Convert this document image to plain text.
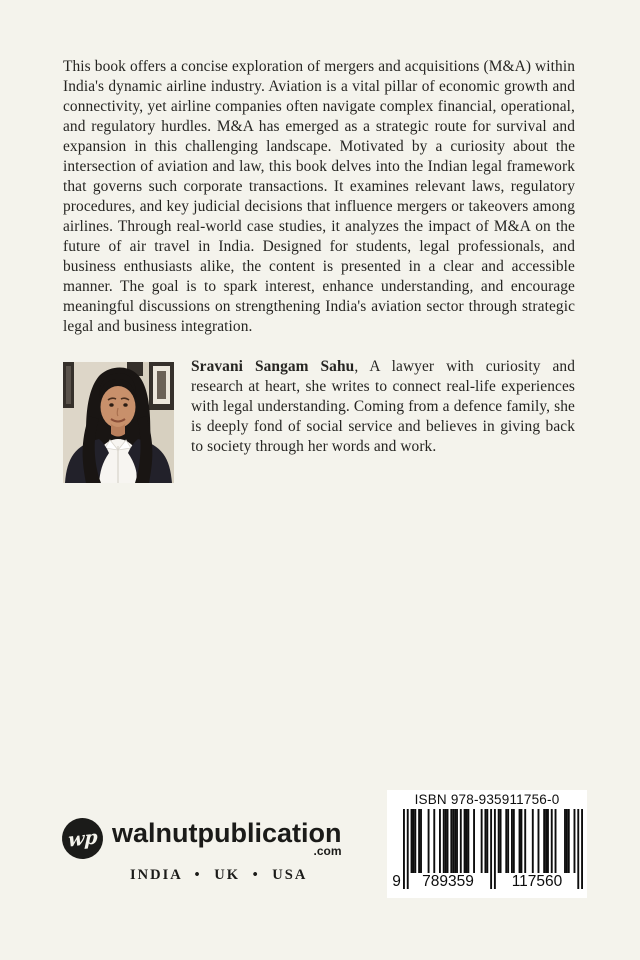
This book offers a concise exploration of mergers and acquisitions (M&A) within India's dynamic airline industry. Aviation is a vital pillar of economic growth and connectivity, yet airline companies often navigate complex financial, operational, and regulatory hurdles. M&A has emerged as a strategic route for survival and expansion in this challenging landscape. Motivated by a curiosity about the intersection of aviation and law, this book delves into the Indian legal framework that governs such corporate transactions. It examines relevant laws, regulatory procedures, and key judicial decisions that influence mergers or takeovers among airlines. Through real-world case studies, it analyzes the impact of M&A on the future of air travel in India. Designed for students, legal professionals, and business enthusiasts alike, the content is presented in a clear and accessible manner. The goal is to spark interest, enhance understanding, and encourage meaningful discussions on strengthening India's aviation sector through strategic legal and business integration.

Sravani Sangam Sahu, A lawyer with curiosity and research at heart, she writes to connect real-life experiences with legal understanding. Coming from a defence family, she is deeply fond of social service and believes in giving back to society through her words and work.

wp walnutpublication
.com
INDIA • UK • USA
ISBN 978-935911756-0
9	789359	117560
